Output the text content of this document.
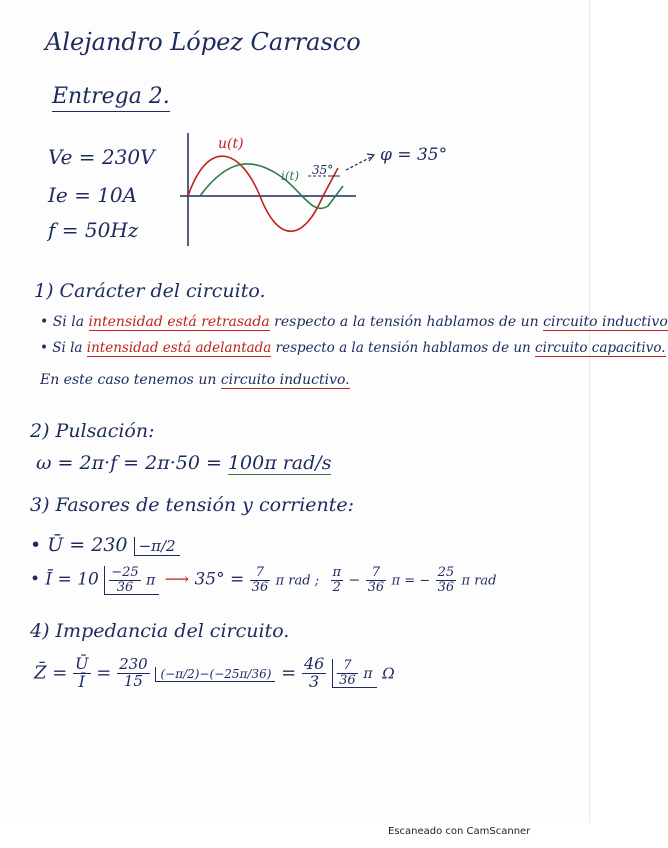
Alejandro López Carrasco
Entrega 2.
Ve = 230V
Ie = 10A
f = 50Hz
u(t)
i(t) 35°
φ = 35°
1) Carácter del circuito.
• Si la intensidad está retrasada respecto a la tensión hablamos de un circuito inductivo
• Si la intensidad está adelantada respecto a la tensión hablamos de un circuito capacitivo.
En este caso tenemos un circuito inductivo.
2) Pulsación:
ω = 2π·f = 2π·50 = 100π rad/s
3) Fasores de tensión y corriente:
• Ū = 230 −π/2
• Ī = $10 \frac{-25}{36}$ π ⟶ $35^\circ = \frac{7}{36}$ π rad ; $\frac{\pi}{2} - \frac{7}{36}$ π = − $\frac{25}{36}$ π rad
4) Impedancia del circuito.
Z̄ = $\frac{Ū}{Ī} = \frac{230}{15} (-\pi/2)-(-25\pi/36) = \frac{46}{3}$
$\frac{7}{36}$ π Ω
Escaneado con CamScanner
